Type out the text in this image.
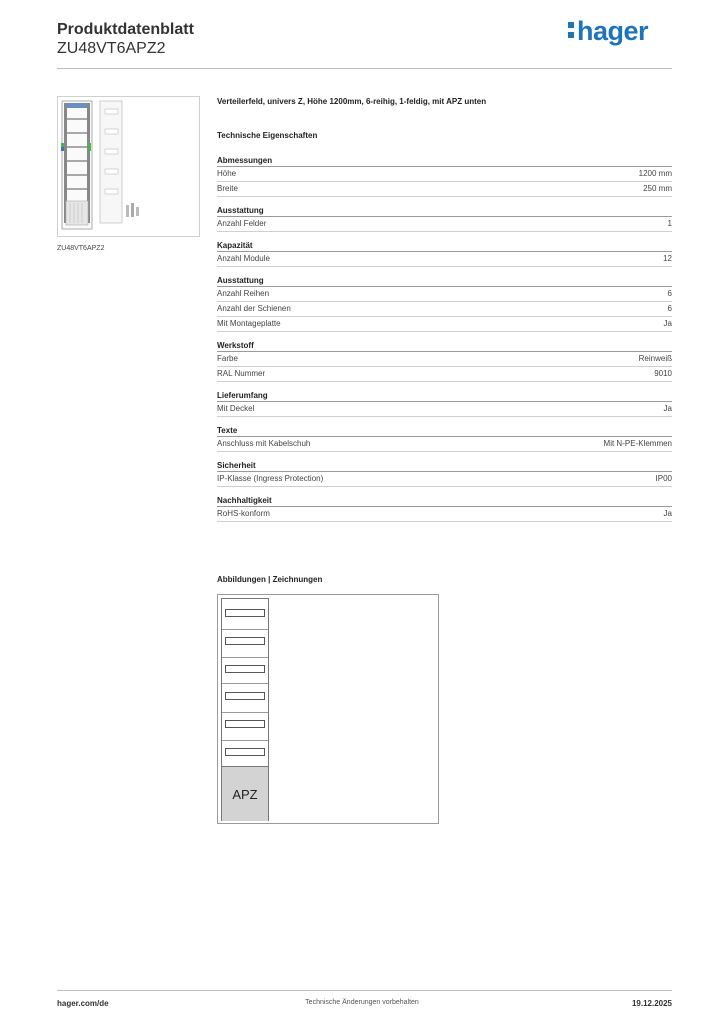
Produktdatenblatt
ZU48VT6APZ2
hager
ZU48VT6APZ2
Verteilerfeld, univers Z, Höhe 1200mm, 6-reihig, 1-feldig, mit APZ unten
Technische Eigenschaften
Abmessungen
Höhe	1200 mm
Breite	250 mm
Ausstattung
Anzahl Felder	1
Kapazität
Anzahl Module	12
Ausstattung
Anzahl Reihen	6
Anzahl der Schienen	6
Mit Montageplatte	Ja
Werkstoff
Farbe	Reinweiß
RAL Nummer	9010
Lieferumfang
Mit Deckel	Ja
Texte
Anschluss mit Kabelschuh	Mit N-PE-Klemmen
Sicherheit
IP-Klasse (Ingress Protection)	IP00
Nachhaltigkeit
RoHS-konform	Ja
Abbildungen | Zeichnungen
APZ
hager.com/de	Technische Änderungen vorbehalten	19.12.2025
